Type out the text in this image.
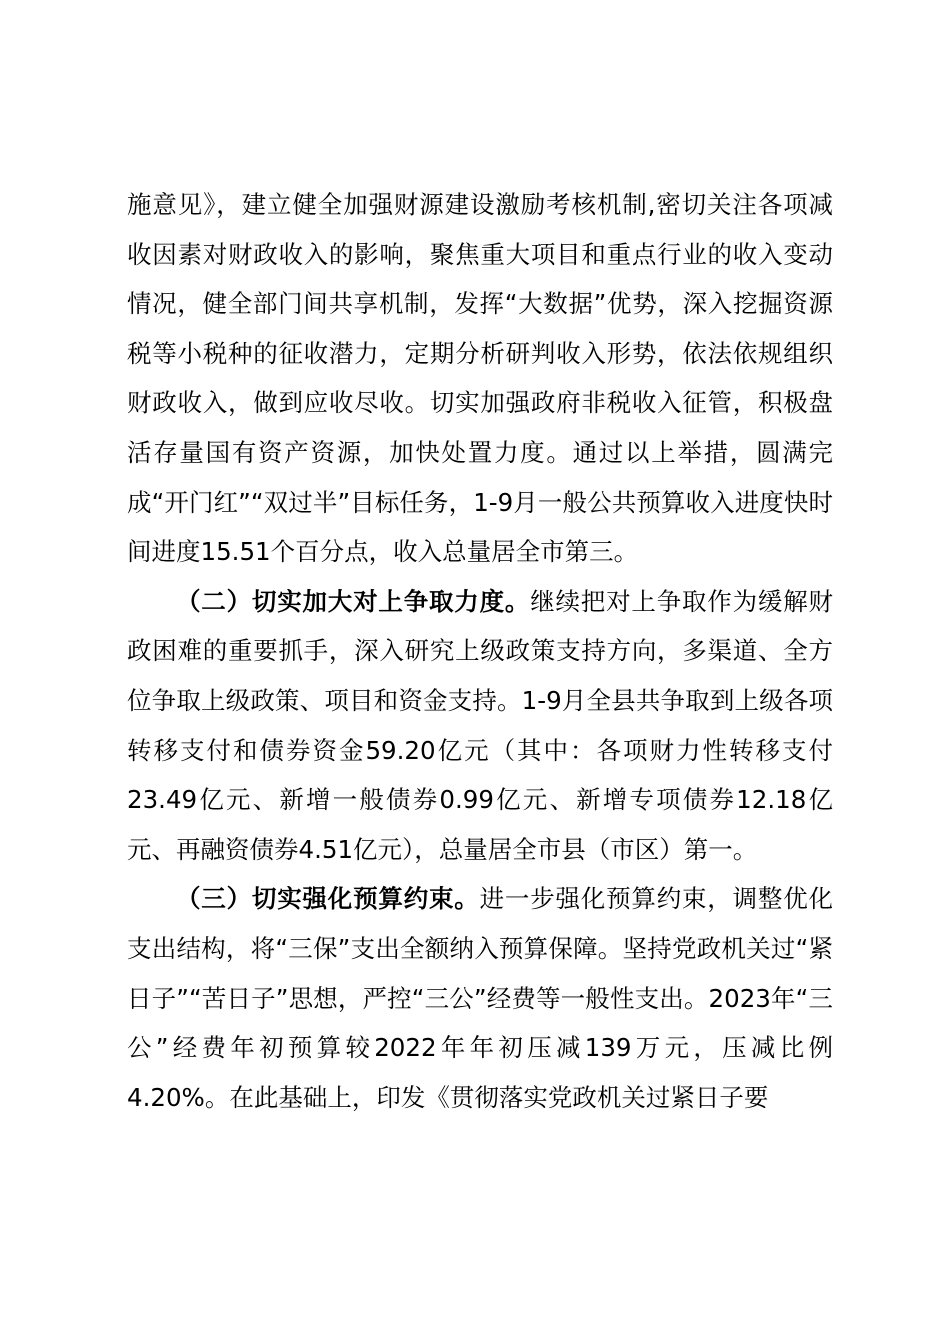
施意见》，建立健全加强财源建设激励考核机制,密切关注各项减收因素对财政收入的影响，聚焦重大项目和重点行业的收入变动情况，健全部门间共享机制，发挥“大数据”优势，深入挖掘资源税等小税种的征收潜力，定期分析研判收入形势，依法依规组织财政收入，做到应收尽收。切实加强政府非税收入征管，积极盘活存量国有资产资源，加快处置力度。通过以上举措，圆满完成“开门红”“双过半”目标任务，1-9月一般公共预算收入进度快时间进度15.51个百分点，收入总量居全市第三。

（二）切实加大对上争取力度。继续把对上争取作为缓解财政困难的重要抓手，深入研究上级政策支持方向，多渠道、全方位争取上级政策、项目和资金支持。1-9月全县共争取到上级各项转移支付和债券资金59.20亿元（其中：各项财力性转移支付23.49亿元、新增一般债券0.99亿元、新增专项债券12.18亿元、再融资债券4.51亿元），总量居全市县（市区）第一。

（三）切实强化预算约束。进一步强化预算约束，调整优化支出结构，将“三保”支出全额纳入预算保障。坚持党政机关过“紧日子”“苦日子”思想，严控“三公”经费等一般性支出。2023年“三公”经费年初预算较2022年年初压减139万元，压减比例4.20%。在此基础上，印发《贯彻落实党政机关过紧日子要
